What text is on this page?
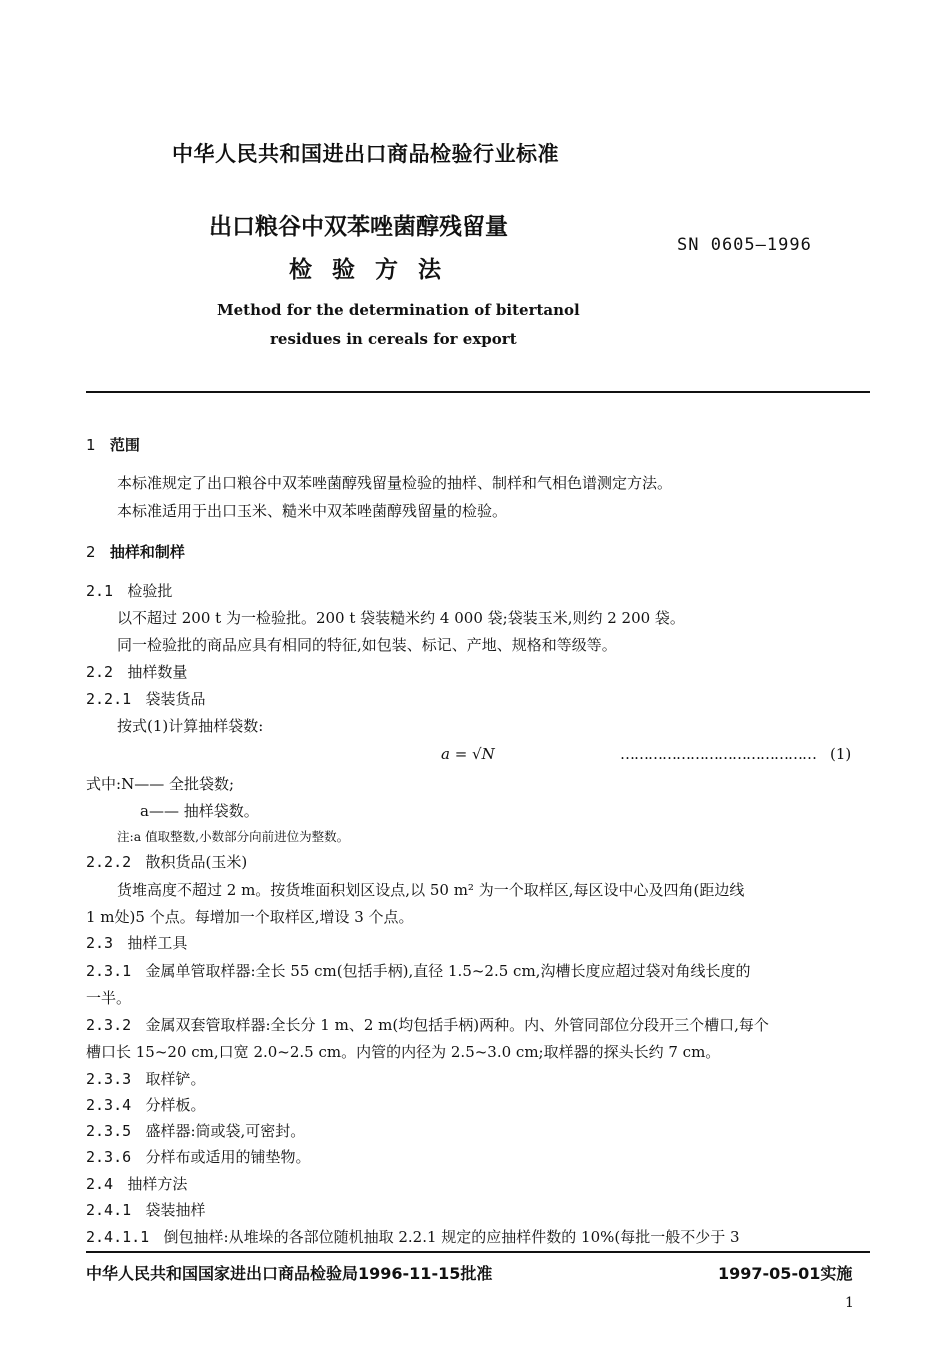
中华人民共和国进出口商品检验行业标准
出口粮谷中双苯唑菌醇残留量
检 验 方 法
SN 0605—1996
Method for the determination of bitertanol
residues in cereals for export
1 范围
本标准规定了出口粮谷中双苯唑菌醇残留量检验的抽样、制样和气相色谱测定方法。
本标准适用于出口玉米、糙米中双苯唑菌醇残留量的检验。
2 抽样和制样
2.1 检验批
以不超过 200 t 为一检验批。200 t 袋装糙米约 4 000 袋;袋装玉米,则约 2 200 袋。
同一检验批的商品应具有相同的特征,如包装、标记、产地、规格和等级等。
2.2 抽样数量
2.2.1 袋装货品
按式(1)计算抽样袋数:
a = √N	…………………………………… (1)
式中:N—— 全批袋数;
a—— 抽样袋数。
注:a 值取整数,小数部分向前进位为整数。
2.2.2 散积货品(玉米)
货堆高度不超过 2 m。按货堆面积划区设点,以 50 m² 为一个取样区,每区设中心及四角(距边线
1 m处)5 个点。每增加一个取样区,增设 3 个点。
2.3 抽样工具
2.3.1 金属单管取样器:全长 55 cm(包括手柄),直径 1.5~2.5 cm,沟槽长度应超过袋对角线长度的
一半。
2.3.2 金属双套管取样器:全长分 1 m、2 m(均包括手柄)两种。内、外管同部位分段开三个槽口,每个
槽口长 15~20 cm,口宽 2.0~2.5 cm。内管的内径为 2.5~3.0 cm;取样器的探头长约 7 cm。
2.3.3 取样铲。
2.3.4 分样板。
2.3.5 盛样器:筒或袋,可密封。
2.3.6 分样布或适用的铺垫物。
2.4 抽样方法
2.4.1 袋装抽样
2.4.1.1 倒包抽样:从堆垛的各部位随机抽取 2.2.1 规定的应抽样件数的 10%(每批一般不少于 3
中华人民共和国国家进出口商品检验局1996-11-15批准	1997-05-01实施
1
